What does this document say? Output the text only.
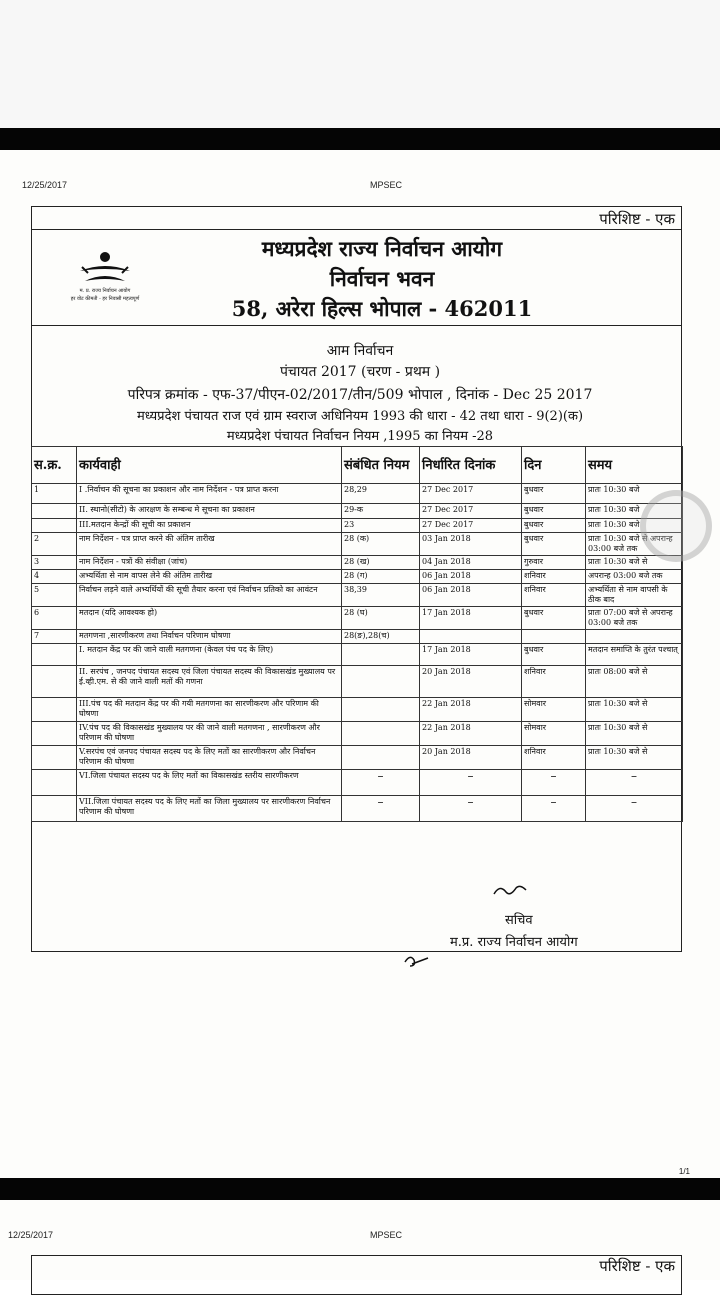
12/25/2017	MPSEC
परिशिष्ट - एक
म. प्र. राज्य निर्वाचन आयोग
हर वोट कीमती - हर निवासी महत्वपूर्ण
मध्यप्रदेश राज्य निर्वाचन आयोग
निर्वाचन भवन
58, अरेरा हिल्स भोपाल - 462011
आम निर्वाचन
पंचायत 2017 (चरण - प्रथम )
परिपत्र क्रमांक - एफ-37/पीएन-02/2017/तीन/509 भोपाल , दिनांक - Dec 25 2017
मध्यप्रदेश पंचायत राज एवं ग्राम स्वराज अधिनियम 1993 की धारा - 42 तथा धारा - 9(2)(क)
मध्यप्रदेश पंचायत निर्वाचन नियम ,1995 का नियम -28
स.क्र.	कार्यवाही	संबंधित नियम	निर्धारित दिनांक	दिन	समय
1	I .निर्वाचन की सूचना का प्रकाशन और नाम निर्देशन - पत्र प्राप्त करना	28,29	27 Dec 2017	बुधवार	प्रातः 10:30 बजे
	II. स्थानो(सीटो) के आरक्षण के सम्बन्ध मे सूचना का प्रकाशन	29-क	27 Dec 2017	बुधवार	प्रातः 10:30 बजे
	III.मतदान केन्द्रों की सूची का प्रकाशन	23	27 Dec 2017	बुधवार	प्रातः 10:30 बजे
2	नाम निर्देशन - पत्र प्राप्त करने की अंतिम तारीख	28 (क)	03 Jan 2018	बुधवार	प्रातः 10:30 बजे से अपरान्ह 03:00 बजे तक
3	नाम निर्देशन - पत्रों की संवीक्षा (जांच)	28 (ख)	04 Jan 2018	गुरुवार	प्रातः 10:30 बजे से
4	अभ्यर्थिता से नाम वापस लेने की अंतिम तारीख	28 (ग)	06 Jan 2018	शनिवार	अपरान्ह 03:00 बजे तक
5	निर्वाचन लड़ने वाले अभ्यर्थियों की सूची तैयार करना एवं निर्वाचन प्रतिको का आवंटन	38,39	06 Jan 2018	शनिवार	अभ्यर्थिता से नाम वापसी के ठीक बाद
6	मतदान (यदि आवश्यक हो)	28 (घ)	17 Jan 2018	बुधवार	प्रातः 07:00 बजे से अपरान्ह 03:00 बजे तक
7	मतगणना ,सारणीकरण तथा निर्वाचन परिणाम घोषणा	28(ङ),28(च)			
	I. मतदान केंद्र पर की जाने वाली मतगणना (केवल पंच पद के लिए)		17 Jan 2018	बुधवार	मतदान समाप्ति के तुरंत पश्चात्
	II. सरपंच , जनपद पंचायत सदस्य एवं जिला पंचायत सदस्य की विकासखंड मुख्यालय पर ई.व्ही.एम. से की जाने वाली मतों की गणना		20 Jan 2018	शनिवार	प्रातः 08:00 बजे से
	III.पंच पद की मतदान केंद्र पर की गयी मतगणना का सारणीकरण और परिणाम की घोषणा		22 Jan 2018	सोमवार	प्रातः 10:30 बजे से
	IV.पंच पद की विकासखंड मुख्यालय पर की जाने वाली मतगणना , सारणीकरण और परिणाम की घोषणा		22 Jan 2018	सोमवार	प्रातः 10:30 बजे से
	V.सरपंच एवं जनपद पंचायत सदस्य पद के लिए मतों का सारणीकरण और निर्वाचन परिणाम की घोषणा		20 Jan 2018	शनिवार	प्रातः 10:30 बजे से
	VI.जिला पंचायत सदस्य पद के लिए मतों का विकासखंड स्तरीय सारणीकरण	–	–	–	–
	VII.जिला पंचायत सदस्य पद के लिए मतों का जिला मुख्यालय पर सारणीकरण निर्वाचन परिणाम की घोषणा	–	–	–	–
सचिव
म.प्र. राज्य निर्वाचन आयोग
1/1
12/25/2017	MPSEC
परिशिष्ट - एक
